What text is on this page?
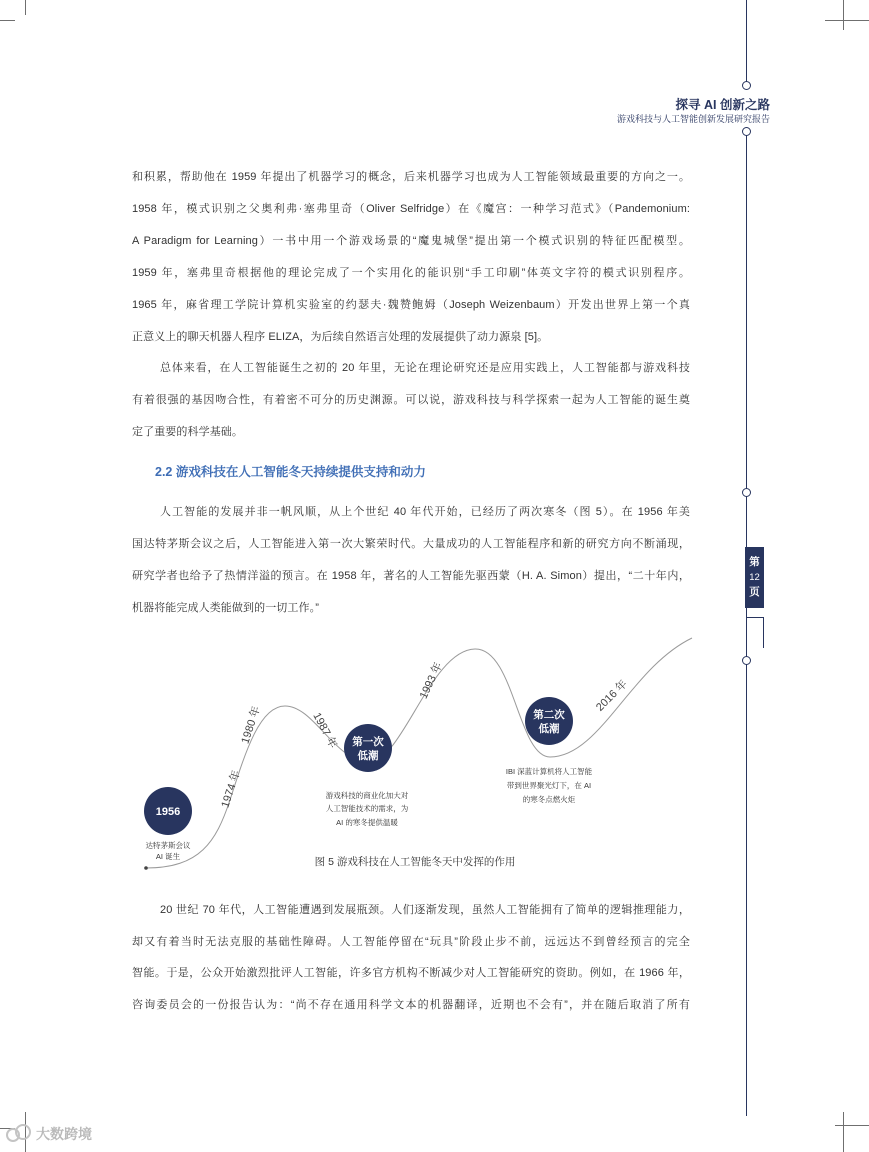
第
12
页
探寻 AI 创新之路
游戏科技与人工智能创新发展研究报告
和积累，帮助他在 1959 年提出了机器学习的概念，后来机器学习也成为人工智能领域最重要的方向之一。
1958 年，模式识别之父奥利弗·塞弗里奇（Oliver Selfridge）在《魔宫：一种学习范式》（Pandemonium:
A Paradigm for Learning）一书中用一个游戏场景的“魔鬼城堡”提出第一个模式识别的特征匹配模型。
1959 年，塞弗里奇根据他的理论完成了一个实用化的能识别“手工印刷”体英文字符的模式识别程序。
1965 年，麻省理工学院计算机实验室的约瑟夫·魏赞鲍姆（Joseph Weizenbaum）开发出世界上第一个真
正意义上的聊天机器人程序 ELIZA，为后续自然语言处理的发展提供了动力源泉 [5]。
总体来看，在人工智能诞生之初的 20 年里，无论在理论研究还是应用实践上，人工智能都与游戏科技
有着很强的基因吻合性，有着密不可分的历史渊源。可以说，游戏科技与科学探索一起为人工智能的诞生奠
定了重要的科学基础。
2.2 游戏科技在人工智能冬天持续提供支持和动力
人工智能的发展并非一帆风顺，从上个世纪 40 年代开始，已经历了两次寒冬（图 5）。在 1956 年美
国达特茅斯会议之后，人工智能进入第一次大繁荣时代。大量成功的人工智能程序和新的研究方向不断涌现，
研究学者也给予了热情洋溢的预言。在 1958 年，著名的人工智能先驱西蒙（H. A. Simon）提出，“二十年内，
机器将能完成人类能做到的一切工作。”
1974 年
1980 年	1987 年
1993 年	2016 年
1956
达特茅斯会议
AI 诞生
第一次
低潮
游戏科技的商业化加大对
人工智能技术的需求，为
AI 的寒冬提供温暖
第二次
低潮
IBI 深蓝计算机将人工智能
带到世界聚光灯下，在 AI
的寒冬点燃火炬
图 5 游戏科技在人工智能冬天中发挥的作用
20 世纪 70 年代，人工智能遭遇到发展瓶颈。人们逐渐发现，虽然人工智能拥有了简单的逻辑推理能力，
却又有着当时无法克服的基础性障碍。人工智能停留在“玩具”阶段止步不前，远远达不到曾经预言的完全
智能。于是，公众开始激烈批评人工智能，许多官方机构不断减少对人工智能研究的资助。例如，在 1966 年，
咨询委员会的一份报告认为：“尚不存在通用科学文本的机器翻译，近期也不会有”，并在随后取消了所有
大数跨境
